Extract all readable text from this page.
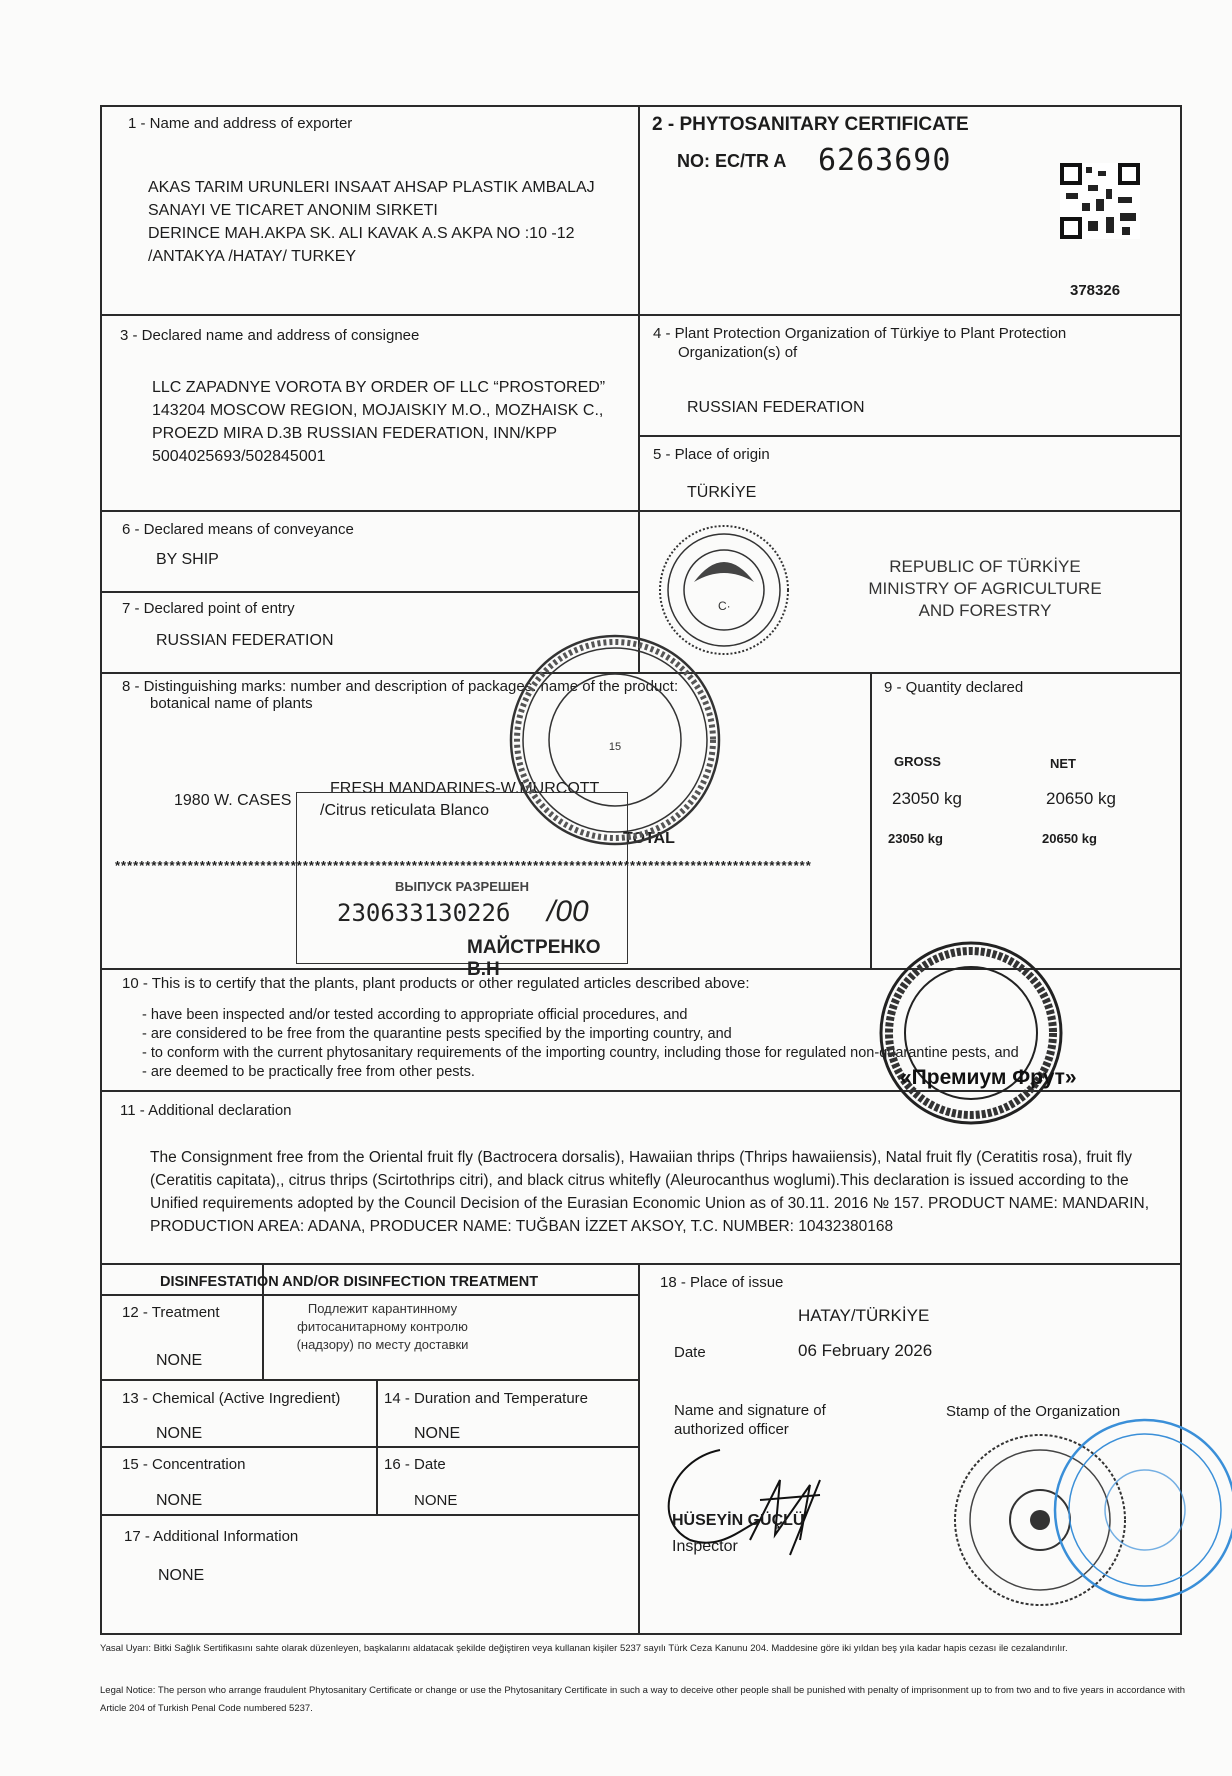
1 - Name and address of exporter
AKAS TARIM URUNLERI INSAAT AHSAP PLASTIK AMBALAJ
SANAYI VE TICARET ANONIM SIRKETI
DERINCE MAH.AKPA SK. ALI KAVAK A.S AKPA NO :10 -12
/ANTAKYA /HATAY/ TURKEY
2 - PHYTOSANITARY CERTIFICATE
NO: EC/TR A 6263690
378326
3 - Declared name and address of consignee
LLC ZAPADNYE VOROTA BY ORDER OF LLC “PROSTORED”
143204 MOSCOW REGION, MOJAISKIY M.O., MOZHAISK C.,
PROEZD MIRA D.3B RUSSIAN FEDERATION, INN/KPP
5004025693/502845001
4 - Plant Protection Organization of Türkiye to Plant Protection
Organization(s) of
RUSSIAN FEDERATION
5 - Place of origin
TÜRKİYE
C·
REPUBLIC OF TÜRKİYE
MINISTRY OF AGRICULTURE
AND FORESTRY
6 - Declared means of conveyance
BY SHIP
7 - Declared point of entry
RUSSIAN FEDERATION
8 - Distinguishing marks: number and description of packages: name of the product:
botanical name of plants
1980 W. CASES
FRESH MANDARINES-W.MURCOTT
/Citrus reticulata Blanco
TOTAL
9 - Quantity declared
GROSS	NET
23050 kg	20650 kg
23050 kg	20650 kg
*******************************************************************************************************************
ВЫПУСК РАЗРЕШЕН
23063313022б /00
МАЙСТРЕНКО В.Н
15
10 - This is to certify that the plants, plant products or other regulated articles described above:
- have been inspected and/or tested according to appropriate official procedures, and
- are considered to be free from the quarantine pests specified by the importing country, and
- to conform with the current phytosanitary requirements of the importing country, including those for regulated non-quarantine pests, and
- are deemed to be practically free from other pests.	«Премиум Фрут»
11 - Additional declaration
The Consignment free from the Oriental fruit fly (Bactrocera dorsalis), Hawaiian thrips (Thrips hawaiiensis), Natal fruit fly (Ceratitis rosa), fruit fly (Ceratitis capitata),, citrus thrips (Scirtothrips citri), and black citrus whitefly (Aleurocanthus woglumi).This declaration is issued according to the Unified requirements adopted by the Council Decision of the Eurasian Economic Union as of 30.11. 2016 № 157. PRODUCT NAME: MANDARIN, PRODUCTION AREA: ADANA, PRODUCER NAME: TUĞBAN İZZET AKSOY, T.C. NUMBER: 10432380168
DISINFESTATION AND/OR DISINFECTION TREATMENT
12 - Treatment
NONE
Подлежит карантинному фитосанитарному контролю (надзору) по месту доставки
13 - Chemical (Active Ingredient)
NONE
14 - Duration and Temperature
NONE
15 - Concentration
NONE
16 - Date
NONE
17 - Additional Information
NONE
18 - Place of issue
HATAY/TÜRKİYE
Date	06 February 2026
Name and signature of
authorized officer
Stamp of the Organization
HÜSEYİN GÜÇLÜ
Inspector
Yasal Uyarı: Bitki Sağlık Sertifikasını sahte olarak düzenleyen, başkalarını aldatacak şekilde değiştiren veya kullanan kişiler 5237 sayılı Türk Ceza Kanunu 204. Maddesine göre iki yıldan beş yıla kadar hapis cezası ile cezalandırılır.
Legal Notice: The person who arrange fraudulent Phytosanitary Certificate or change or use the Phytosanitary Certificate in such a way to deceive other people shall be punished with penalty of imprisonment up to from two and to five years in accordance with Article 204 of Turkish Penal Code numbered 5237.
